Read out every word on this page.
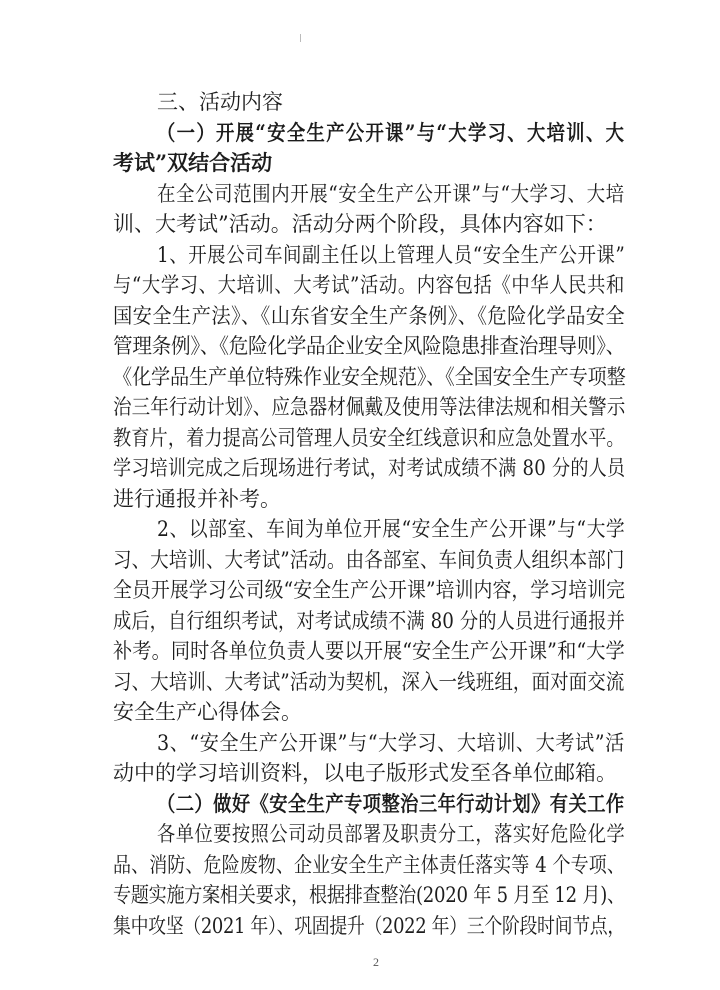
三、活动内容
（一）开展“安全生产公开课”与“大学习、大培训、大
考试”双结合活动
在全公司范围内开展“安全生产公开课”与“大学习、大培
训、大考试”活动。活动分两个阶段，具体内容如下：
1、开展公司车间副主任以上管理人员“安全生产公开课”
与“大学习、大培训、大考试”活动。内容包括《中华人民共和
国安全生产法》、《山东省安全生产条例》、《危险化学品安全
管理条例》、《危险化学品企业安全风险隐患排查治理导则》、
《化学品生产单位特殊作业安全规范》、《全国安全生产专项整
治三年行动计划》、应急器材佩戴及使用等法律法规和相关警示
教育片，着力提高公司管理人员安全红线意识和应急处置水平。
学习培训完成之后现场进行考试，对考试成绩不满 80 分的人员
进行通报并补考。
2、以部室、车间为单位开展“安全生产公开课”与“大学
习、大培训、大考试”活动。由各部室、车间负责人组织本部门
全员开展学习公司级“安全生产公开课”培训内容，学习培训完
成后，自行组织考试，对考试成绩不满 80 分的人员进行通报并
补考。同时各单位负责人要以开展“安全生产公开课”和“大学
习、大培训、大考试”活动为契机，深入一线班组，面对面交流
安全生产心得体会。
3、“安全生产公开课”与“大学习、大培训、大考试”活
动中的学习培训资料，以电子版形式发至各单位邮箱。
（二）做好《安全生产专项整治三年行动计划》有关工作
各单位要按照公司动员部署及职责分工，落实好危险化学
品、消防、危险废物、企业安全生产主体责任落实等 4 个专项、
专题实施方案相关要求，根据排查整治(2020 年 5 月至 12 月)、
集中攻坚（2021 年）、巩固提升（2022 年）三个阶段时间节点，
2
